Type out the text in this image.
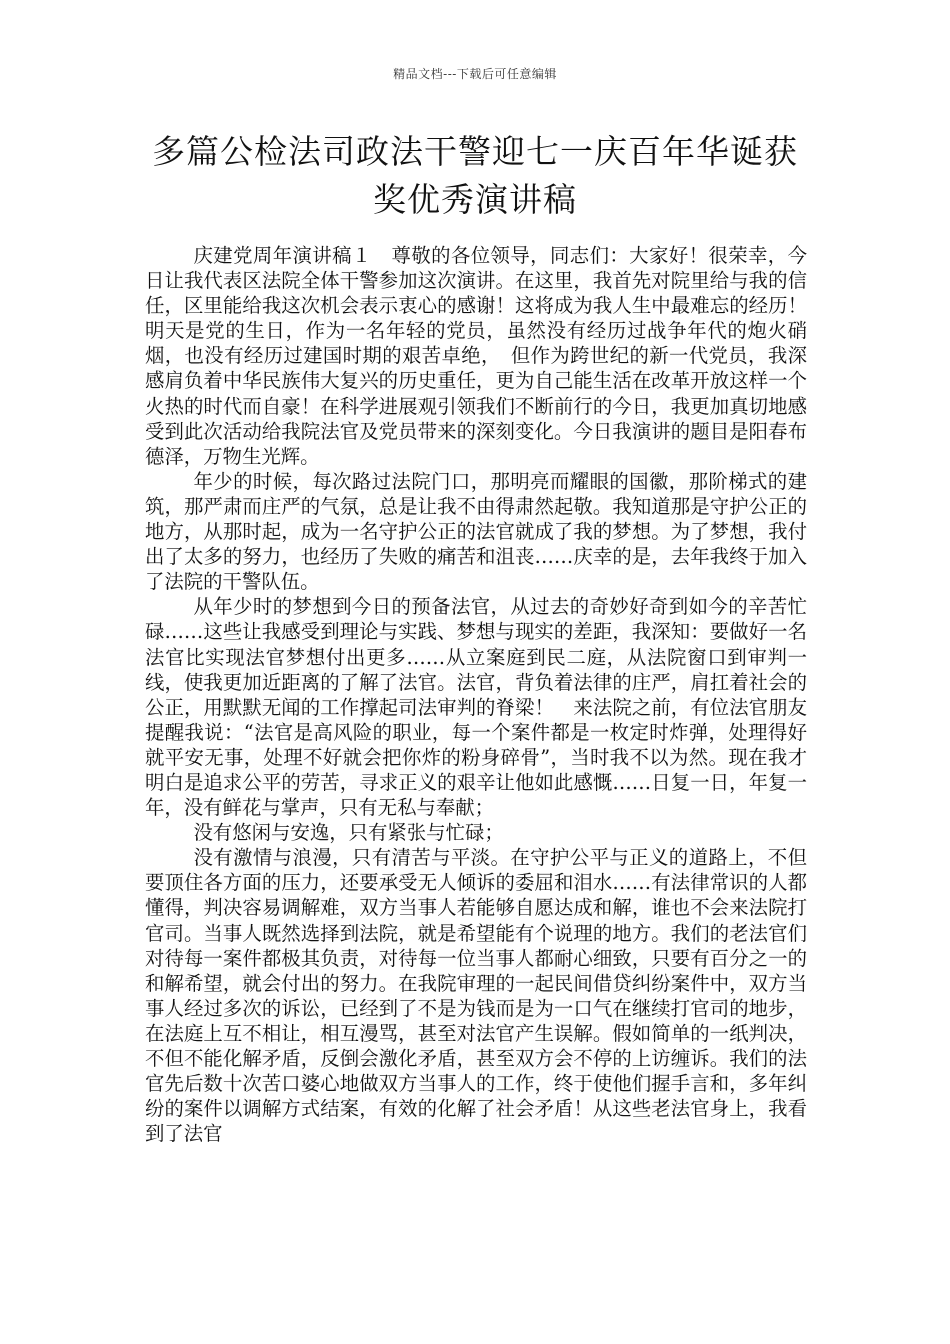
精品文档---下载后可任意编辑
多篇公检法司政法干警迎七一庆百年华诞获奖优秀演讲稿

庆建党周年演讲稿１　尊敬的各位领导，同志们：大家好！很荣幸，今日让我代表区法院全体干警参加这次演讲。在这里，我首先对院里给与我的信任，区里能给我这次机会表示衷心的感谢！这将成为我人生中最难忘的经历！　明天是党的生日，作为一名年轻的党员，虽然没有经历过战争年代的炮火硝烟，也没有经历过建国时期的艰苦卓绝，　但作为跨世纪的新一代党员，我深感肩负着中华民族伟大复兴的历史重任，更为自己能生活在改革开放这样一个火热的时代而自豪！在科学进展观引领我们不断前行的今日，我更加真切地感受到此次活动给我院法官及党员带来的深刻变化。今日我演讲的题目是阳春布德泽，万物生光辉。

年少的时候，每次路过法院门口，那明亮而耀眼的国徽，那阶梯式的建筑，那严肃而庄严的气氛，总是让我不由得肃然起敬。我知道那是守护公正的地方，从那时起，成为一名守护公正的法官就成了我的梦想。为了梦想，我付出了太多的努力，也经历了失败的痛苦和沮丧……庆幸的是，去年我终于加入了法院的干警队伍。

从年少时的梦想到今日的预备法官，从过去的奇妙好奇到如今的辛苦忙碌……这些让我感受到理论与实践、梦想与现实的差距，我深知：要做好一名法官比实现法官梦想付出更多……从立案庭到民二庭，从法院窗口到审判一线，使我更加近距离的了解了法官。法官，背负着法律的庄严，肩扛着社会的公正，用默默无闻的工作撑起司法审判的脊梁！　来法院之前，有位法官朋友提醒我说：“法官是高风险的职业，每一个案件都是一枚定时炸弹，处理得好就平安无事，处理不好就会把你炸的粉身碎骨”，当时我不以为然。现在我才明白是追求公平的劳苦，寻求正义的艰辛让他如此感慨……日复一日，年复一年，没有鲜花与掌声，只有无私与奉献；

没有悠闲与安逸，只有紧张与忙碌；

没有激情与浪漫，只有清苦与平淡。在守护公平与正义的道路上，不但要顶住各方面的压力，还要承受无人倾诉的委屈和泪水……有法律常识的人都懂得，判决容易调解难，双方当事人若能够自愿达成和解，谁也不会来法院打官司。当事人既然选择到法院，就是希望能有个说理的地方。我们的老法官们对待每一案件都极其负责，对待每一位当事人都耐心细致，只要有百分之一的和解希望，就会付出的努力。在我院审理的一起民间借贷纠纷案件中，双方当事人经过多次的诉讼，已经到了不是为钱而是为一口气在继续打官司的地步，在法庭上互不相让，相互漫骂，甚至对法官产生误解。假如简单的一纸判决，不但不能化解矛盾，反倒会激化矛盾，甚至双方会不停的上访缠诉。我们的法官先后数十次苦口婆心地做双方当事人的工作，终于使他们握手言和，多年纠纷的案件以调解方式结案，有效的化解了社会矛盾！从这些老法官身上，我看到了法官
